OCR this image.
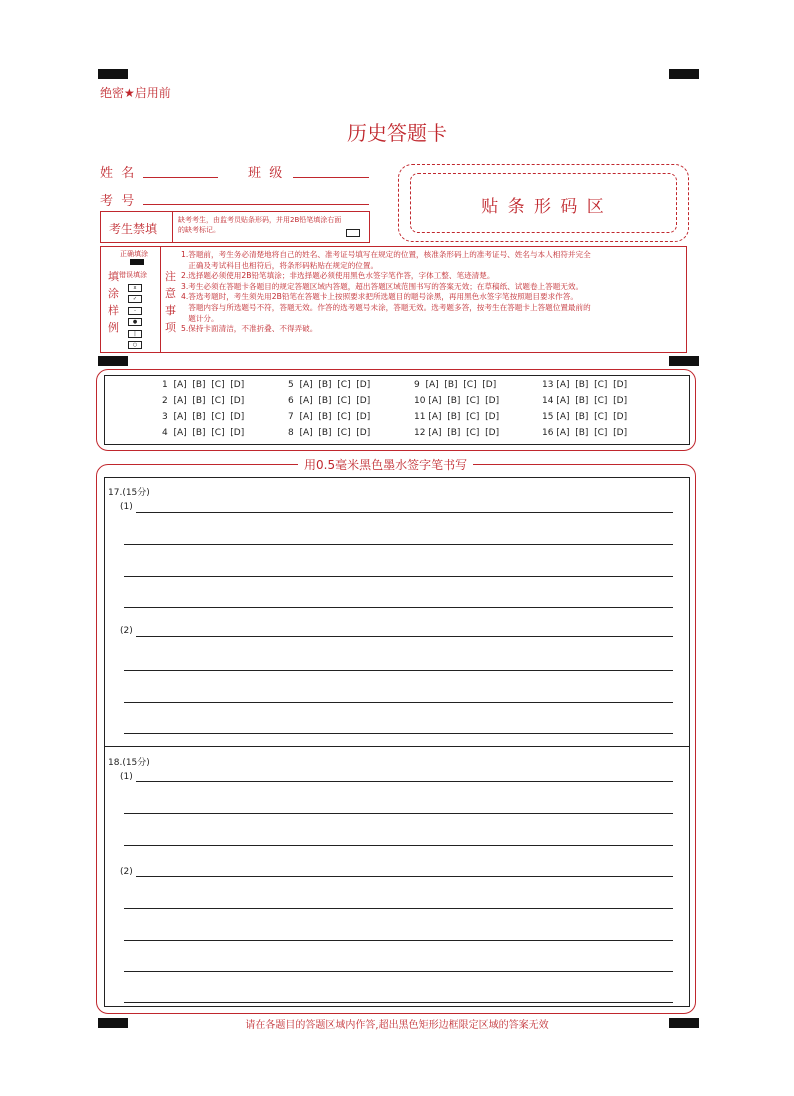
绝密★启用前
历史答题卡
姓  名	班  级
考  号
考生禁填
缺考考生，由监考员贴条形码，并用2B铅笔填涂右面的缺考标记。
贴 条 形 码 区
填
涂
样
例
正确填涂
错误填涂
x
✓
-
●
|
○
注
意
事
项
1.答题前，考生务必清楚地将自己的姓名、准考证号填写在规定的位置，核准条形码上的准考证号、姓名与本人相符并完全
正确及考试科目也相符后，将条形码粘贴在规定的位置。
2.选择题必须使用2B铅笔填涂；非选择题必须使用黑色水签字笔作答，字体工整、笔迹清楚。
3.考生必须在答题卡各题目的规定答题区域内答题，超出答题区域范围书写的答案无效；在草稿纸、试题卷上答题无效。
4.答选考题时，考生须先用2B铅笔在答题卡上按照要求把所选题目的题号涂黑，再用黑色水签字笔按照题目要求作答。
答题内容与所选题号不符，答题无效。作答的选考题号未涂，答题无效。选考题多答，按考生在答题卡上答题位置最前的
题计分。
5.保持卡面清洁，不准折叠、不得弄破。
1  [A]  [B]  [C]  [D]
2  [A]  [B]  [C]  [D]
3  [A]  [B]  [C]  [D]
4  [A]  [B]  [C]  [D]
5  [A]  [B]  [C]  [D]
6  [A]  [B]  [C]  [D]
7  [A]  [B]  [C]  [D]
8  [A]  [B]  [C]  [D]
9  [A]  [B]  [C]  [D]
10 [A]  [B]  [C]  [D]
11 [A]  [B]  [C]  [D]
12 [A]  [B]  [C]  [D]
13 [A]  [B]  [C]  [D]
14 [A]  [B]  [C]  [D]
15 [A]  [B]  [C]  [D]
16 [A]  [B]  [C]  [D]
用0.5毫米黑色墨水签字笔书写
17.(15分)
(1)
(2)
18.(15分)
(1)
(2)
请在各题目的答题区域内作答,超出黑色矩形边框限定区域的答案无效
